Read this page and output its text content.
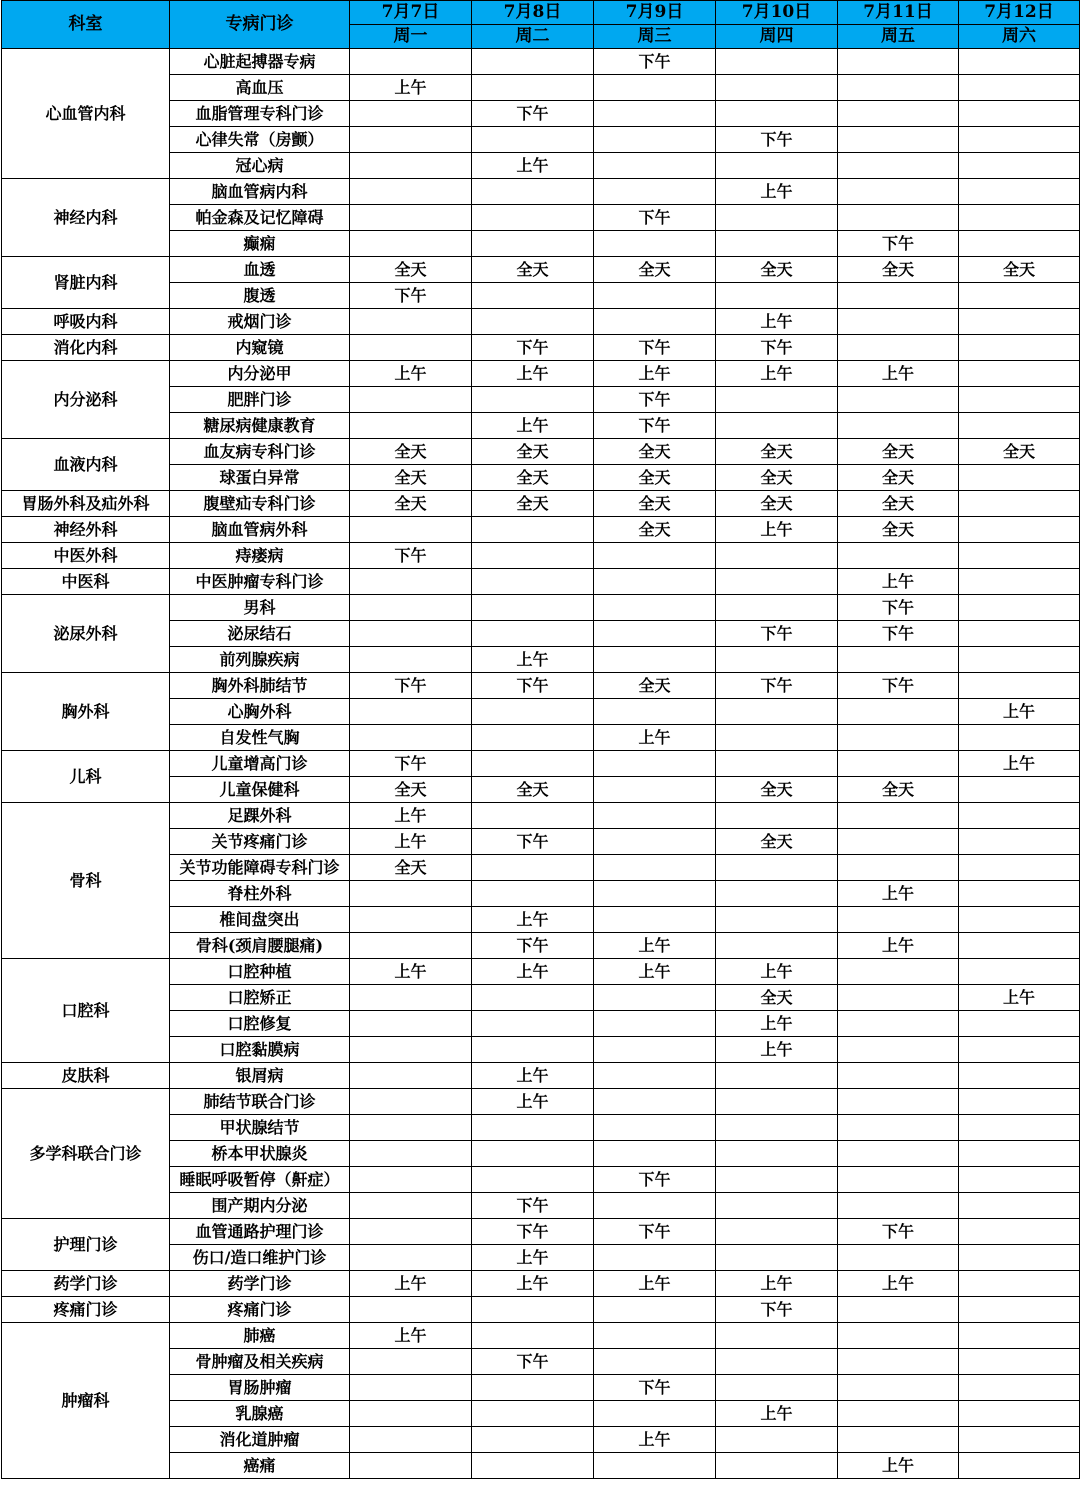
科室	专病门诊	7月7日	7月8日	7月9日	7月10日	7月11日	7月12日
		周一	周二	周三	周四	周五	周六
心血管内科	心脏起搏器专病			下午			
	高血压	上午					
	血脂管理专科门诊		下午				
	心律失常（房颤）				下午		
	冠心病		上午				
神经内科	脑血管病内科				上午		
	帕金森及记忆障碍			下午			
	癫痫					下午	
肾脏内科	血透	全天	全天	全天	全天	全天	全天
	腹透	下午					
呼吸内科	戒烟门诊				上午		
消化内科	内窥镜		下午	下午	下午		
内分泌科	内分泌甲	上午	上午	上午	上午	上午	
	肥胖门诊			下午			
	糖尿病健康教育		上午	下午			
血液内科	血友病专科门诊	全天	全天	全天	全天	全天	全天
	球蛋白异常	全天	全天	全天	全天	全天	
胃肠外科及疝外科	腹壁疝专科门诊	全天	全天	全天	全天	全天	
神经外科	脑血管病外科			全天	上午	全天	
中医外科	痔瘘病	下午					
中医科	中医肿瘤专科门诊					上午	
泌尿外科	男科					下午	
	泌尿结石				下午	下午	
	前列腺疾病		上午				
胸外科	胸外科肺结节	下午	下午	全天	下午	下午	
	心胸外科						上午
	自发性气胸			上午			
儿科	儿童增高门诊	下午					上午
	儿童保健科	全天	全天		全天	全天	
骨科	足踝外科	上午					
	关节疼痛门诊	上午	下午		全天		
	关节功能障碍专科门诊	全天					
	脊柱外科					上午	
	椎间盘突出		上午				
	骨科(颈肩腰腿痛)		下午	上午		上午	
口腔科	口腔种植	上午	上午	上午	上午		
	口腔矫正				全天		上午
	口腔修复				上午		
	口腔黏膜病				上午		
皮肤科	银屑病		上午				
多学科联合门诊	肺结节联合门诊		上午				
	甲状腺结节						
	桥本甲状腺炎						
	睡眠呼吸暂停（鼾症）			下午			
	围产期内分泌		下午				
护理门诊	血管通路护理门诊		下午	下午		下午	
	伤口/造口维护门诊		上午				
药学门诊	药学门诊	上午	上午	上午	上午	上午	
疼痛门诊	疼痛门诊				下午		
肿瘤科	肺癌	上午					
	骨肿瘤及相关疾病		下午				
	胃肠肿瘤			下午			
	乳腺癌				上午		
	消化道肿瘤			上午			
	癌痛					上午	
